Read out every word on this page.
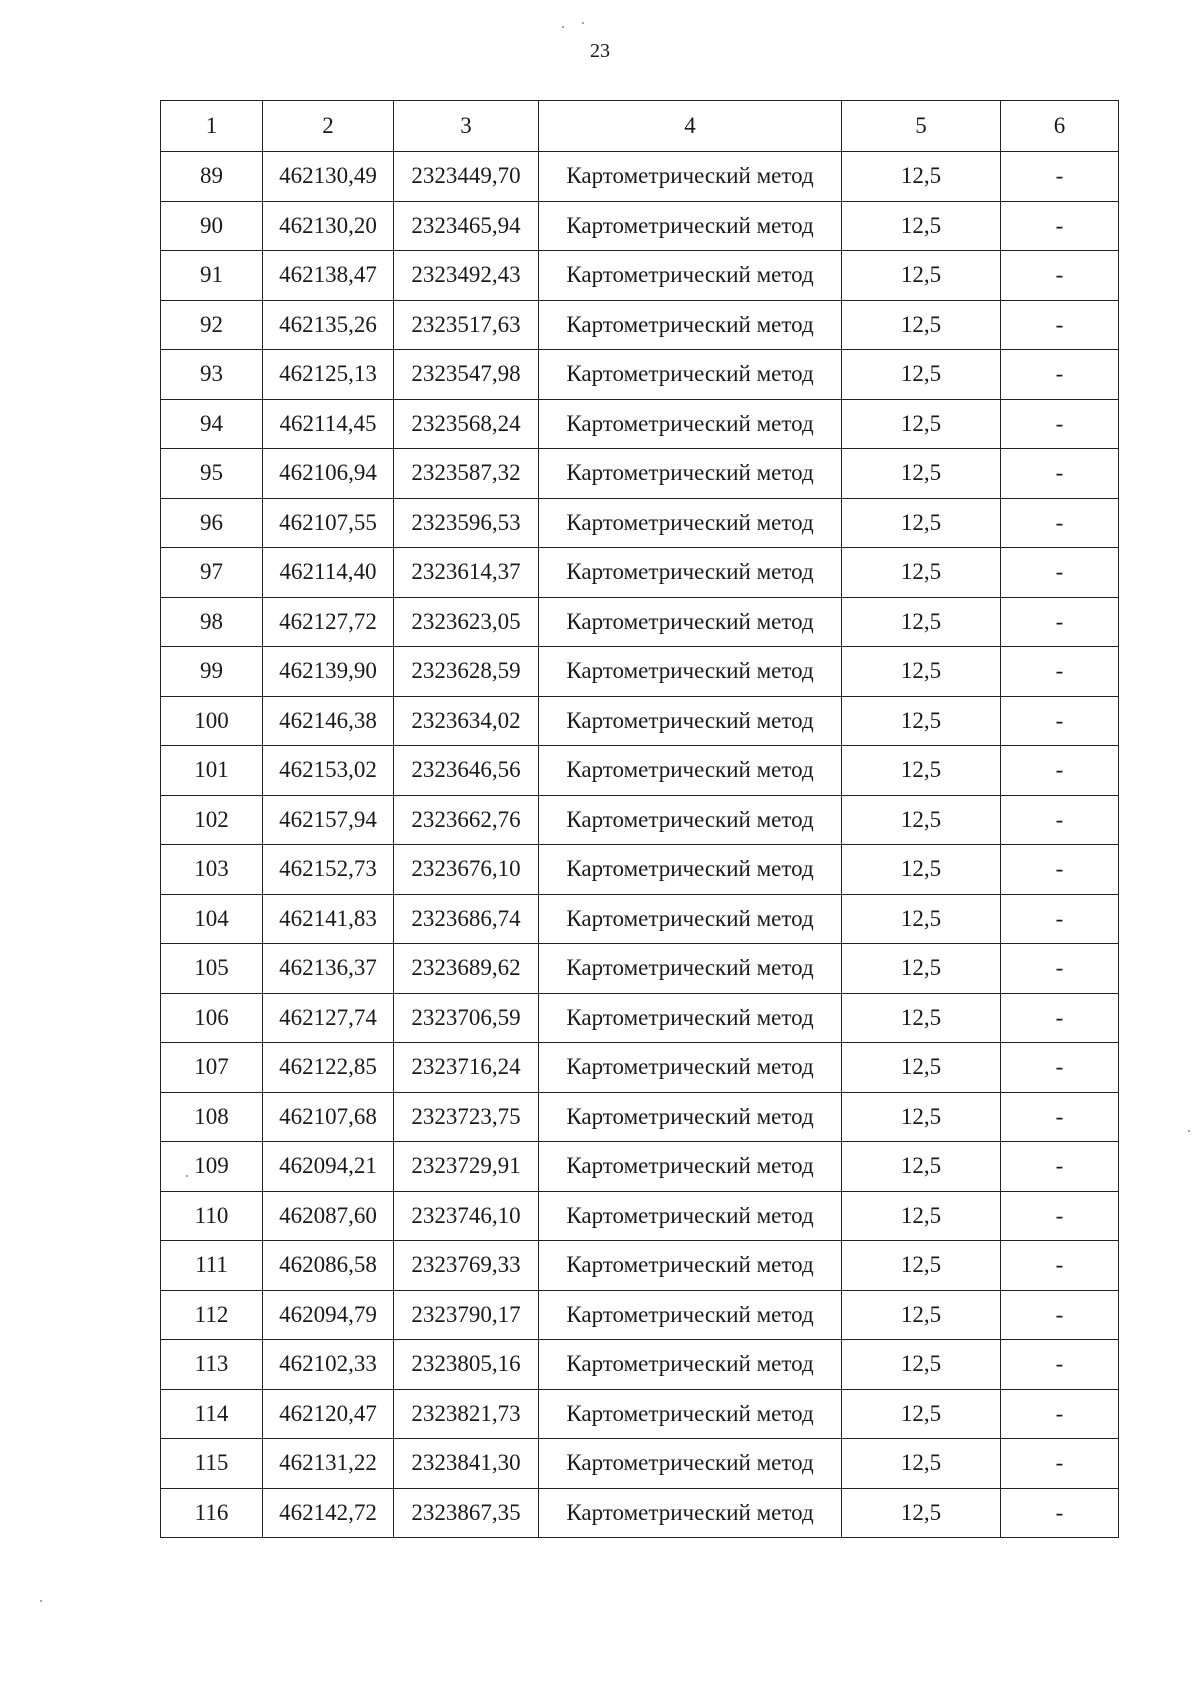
23
1	2	3	4	5	6
89	462130,49	2323449,70	Картометрический метод	12,5	-
90	462130,20	2323465,94	Картометрический метод	12,5	-
91	462138,47	2323492,43	Картометрический метод	12,5	-
92	462135,26	2323517,63	Картометрический метод	12,5	-
93	462125,13	2323547,98	Картометрический метод	12,5	-
94	462114,45	2323568,24	Картометрический метод	12,5	-
95	462106,94	2323587,32	Картометрический метод	12,5	-
96	462107,55	2323596,53	Картометрический метод	12,5	-
97	462114,40	2323614,37	Картометрический метод	12,5	-
98	462127,72	2323623,05	Картометрический метод	12,5	-
99	462139,90	2323628,59	Картометрический метод	12,5	-
100	462146,38	2323634,02	Картометрический метод	12,5	-
101	462153,02	2323646,56	Картометрический метод	12,5	-
102	462157,94	2323662,76	Картометрический метод	12,5	-
103	462152,73	2323676,10	Картометрический метод	12,5	-
104	462141,83	2323686,74	Картометрический метод	12,5	-
105	462136,37	2323689,62	Картометрический метод	12,5	-
106	462127,74	2323706,59	Картометрический метод	12,5	-
107	462122,85	2323716,24	Картометрический метод	12,5	-
108	462107,68	2323723,75	Картометрический метод	12,5	-
109	462094,21	2323729,91	Картометрический метод	12,5	-
110	462087,60	2323746,10	Картометрический метод	12,5	-
111	462086,58	2323769,33	Картометрический метод	12,5	-
112	462094,79	2323790,17	Картометрический метод	12,5	-
113	462102,33	2323805,16	Картометрический метод	12,5	-
114	462120,47	2323821,73	Картометрический метод	12,5	-
115	462131,22	2323841,30	Картометрический метод	12,5	-
116	462142,72	2323867,35	Картометрический метод	12,5	-
